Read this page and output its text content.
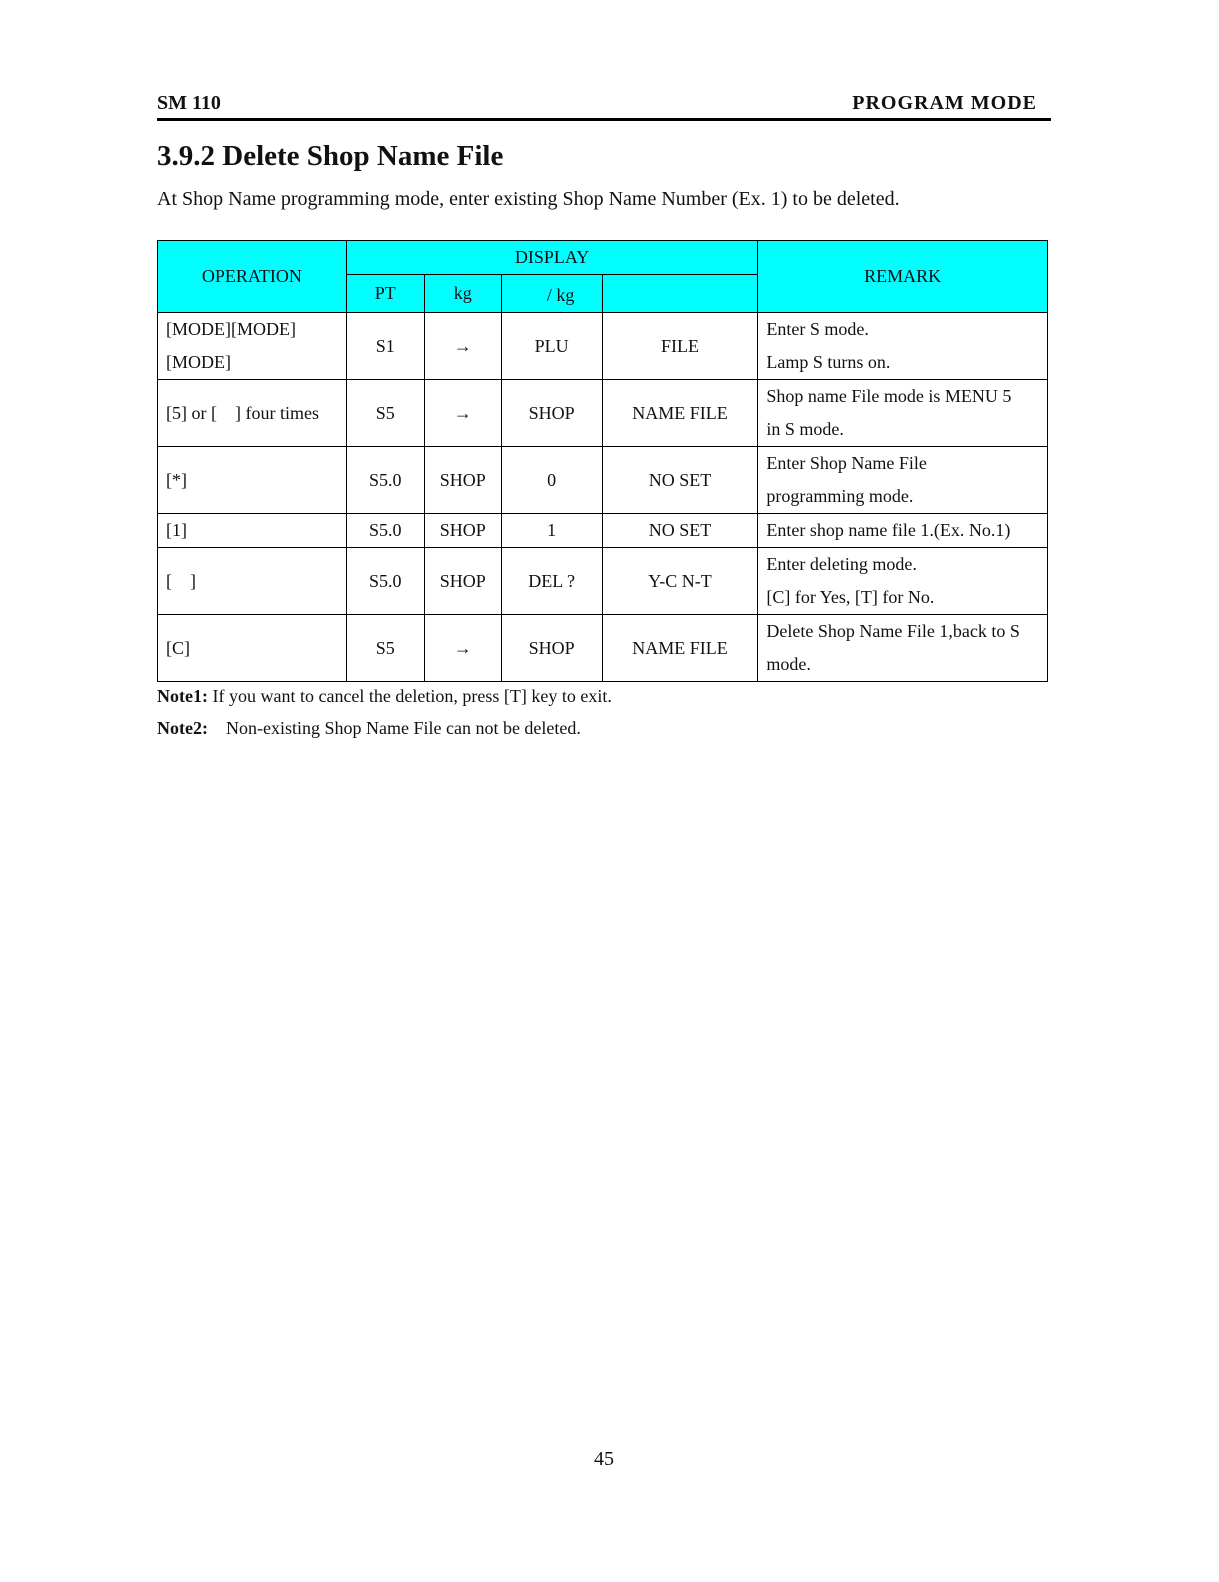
SM 110	PROGRAM MODE
3.9.2 Delete Shop Name File

At Shop Name programming mode, enter existing Shop Name Number (Ex. 1) to be deleted.

OPERATION	DISPLAY				REMARK
	PT	kg	　/ kg		　
[MODE][MODE] [MODE]	S1	→	PLU	FILE	Enter S mode.
Lamp S turns on.

[5] or [　] four times	S5	→	SHOP	NAME FILE	Shop name File mode is MENU 5
in S mode.

[*]	S5.0	SHOP	0	NO SET	Enter Shop Name File
programming mode.

[1]	S5.0	SHOP	1	NO SET	Enter shop name file 1.(Ex. No.1)

[　]	S5.0	SHOP	DEL ?	Y-C N-T	Enter deleting mode.
[C] for Yes, [T] for No.

[C]	S5	→	SHOP	NAME FILE	Delete Shop Name File 1,back to S
mode.
Note1: If you want to cancel the deletion, press [T] key to exit.
Note2: Non-existing Shop Name File can not be deleted.
45
